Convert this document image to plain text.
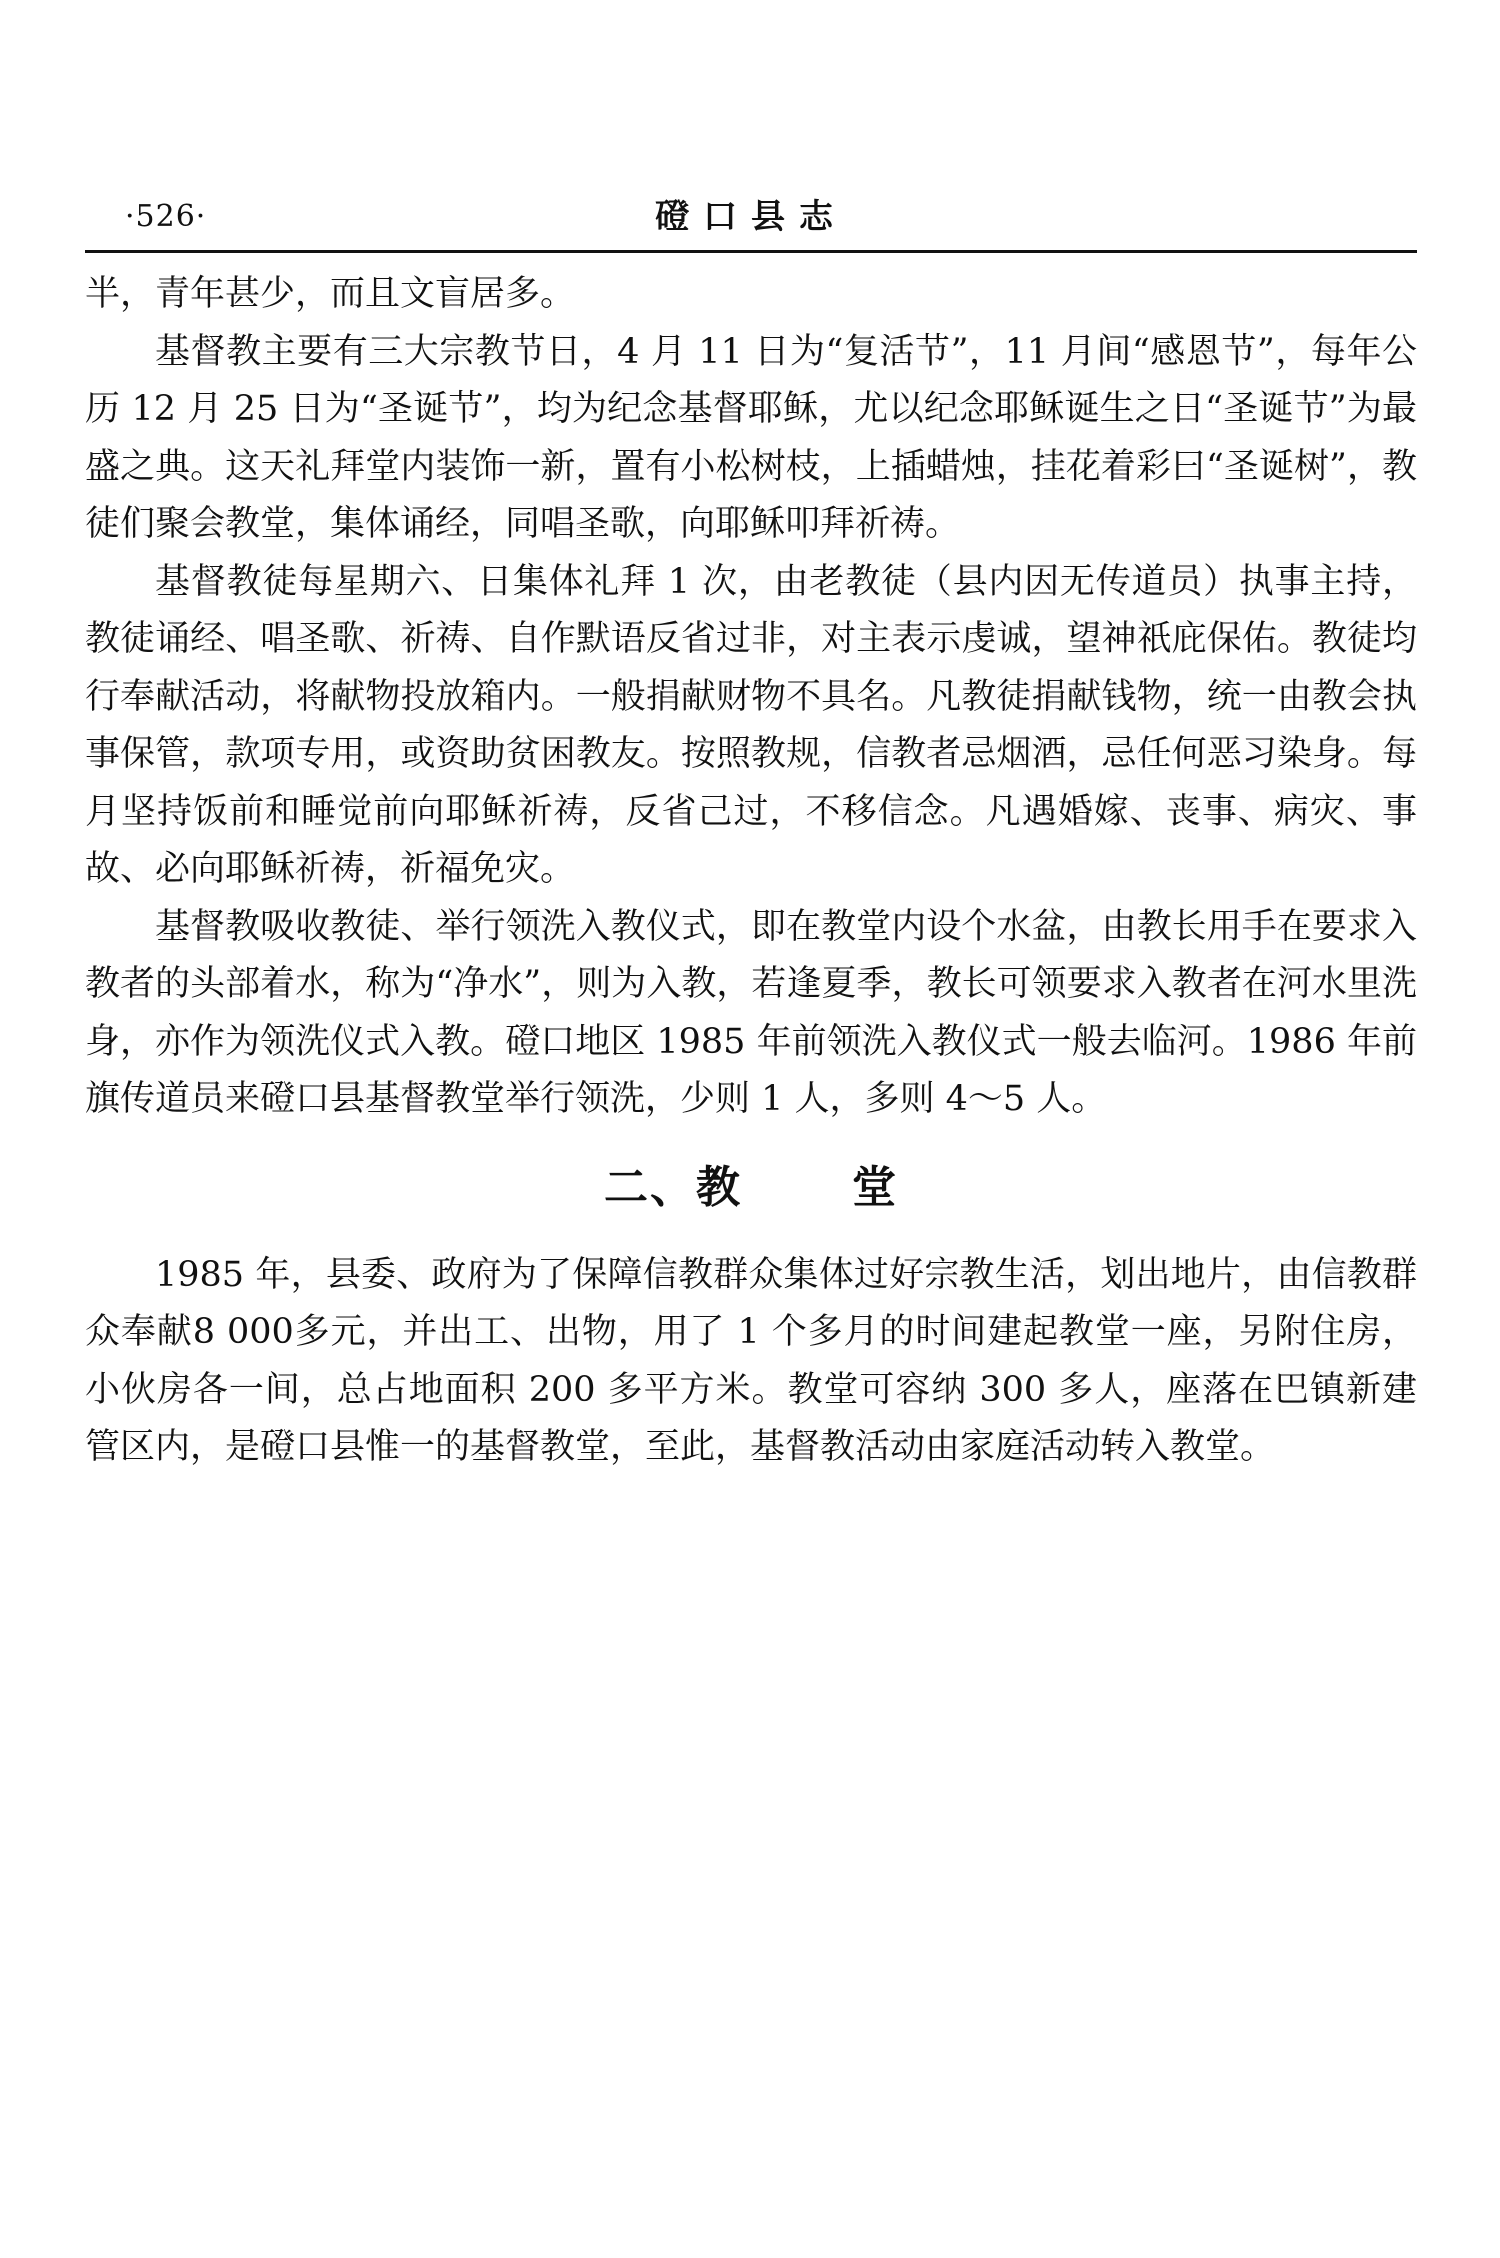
·526·	磴口县志

半，青年甚少，而且文盲居多。

基督教主要有三大宗教节日，4 月 11 日为“复活节”，11 月间“感恩节”，每年公历 12 月 25 日为“圣诞节”，均为纪念基督耶稣，尤以纪念耶稣诞生之日“圣诞节”为最盛之典。这天礼拜堂内装饰一新，置有小松树枝，上插蜡烛，挂花着彩曰“圣诞树”，教徒们聚会教堂，集体诵经，同唱圣歌，向耶稣叩拜祈祷。

基督教徒每星期六、日集体礼拜 1 次，由老教徒（县内因无传道员）执事主持，教徒诵经、唱圣歌、祈祷、自作默语反省过非，对主表示虔诚，望神祇庇保佑。教徒均行奉献活动，将献物投放箱内。一般捐献财物不具名。凡教徒捐献钱物，统一由教会执事保管，款项专用，或资助贫困教友。按照教规，信教者忌烟酒，忌任何恶习染身。每月坚持饭前和睡觉前向耶稣祈祷，反省己过，不移信念。凡遇婚嫁、丧事、病灾、事故、必向耶稣祈祷，祈福免灾。

基督教吸收教徒、举行领洗入教仪式，即在教堂内设个水盆，由教长用手在要求入教者的头部着水，称为“净水”，则为入教，若逢夏季，教长可领要求入教者在河水里洗身，亦作为领洗仪式入教。磴口地区 1985 年前领洗入教仪式一般去临河。1986 年前旗传道员来磴口县基督教堂举行领洗，少则 1 人，多则 4～5 人。

二、教	堂

1985 年，县委、政府为了保障信教群众集体过好宗教生活，划出地片，由信教群众奉献8 000多元，并出工、出物，用了 1 个多月的时间建起教堂一座，另附住房，小伙房各一间，总占地面积 200 多平方米。教堂可容纳 300 多人，座落在巴镇新建管区内，是磴口县惟一的基督教堂，至此，基督教活动由家庭活动转入教堂。
